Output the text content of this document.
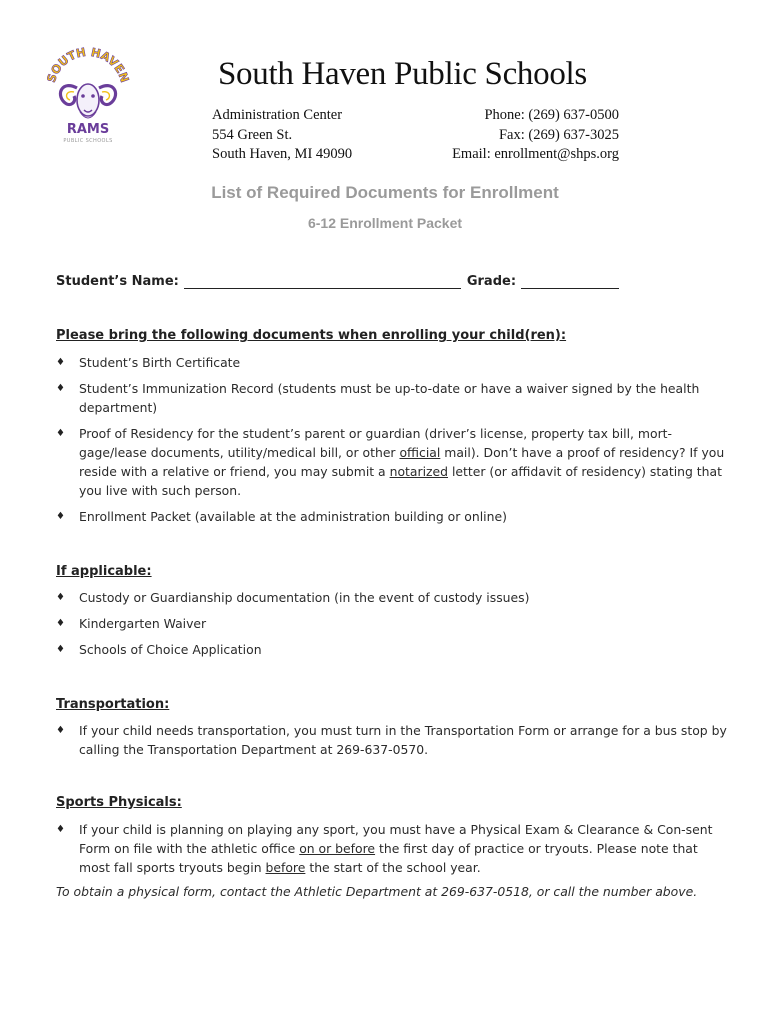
SOUTH HAVEN
RAMS
PUBLIC SCHOOLS
South Haven Public Schools
Administration Center
554 Green St.
South Haven, MI 49090
Phone: (269) 637-0500
Fax: (269) 637-3025
Email: enrollment@shps.org
List of Required Documents for Enrollment
6-12 Enrollment Packet
Student’s Name:	Grade:
Please bring the following documents when enrolling your child(ren):
♦ Student’s Birth Certificate
♦ Student’s Immunization Record (students must be up-to-date or have a waiver signed by the health department)
♦ Proof of Residency for the student’s parent or guardian (driver’s license, property tax bill, mort-gage/lease documents, utility/medical bill, or other official mail). Don’t have a proof of residency? If you reside with a relative or friend, you may submit a notarized letter (or affidavit of residency) stating that you live with such person.
♦ Enrollment Packet (available at the administration building or online)
If applicable:
♦ Custody or Guardianship documentation (in the event of custody issues)
♦ Kindergarten Waiver
♦ Schools of Choice Application
Transportation:
♦ If your child needs transportation, you must turn in the Transportation Form or arrange for a bus stop by calling the Transportation Department at 269-637-0570.
Sports Physicals:
♦ If your child is planning on playing any sport, you must have a Physical Exam & Clearance & Con-sent Form on file with the athletic office on or before the first day of practice or tryouts. Please note that most fall sports tryouts begin before the start of the school year.
To obtain a physical form, contact the Athletic Department at 269-637-0518, or call the number above.
